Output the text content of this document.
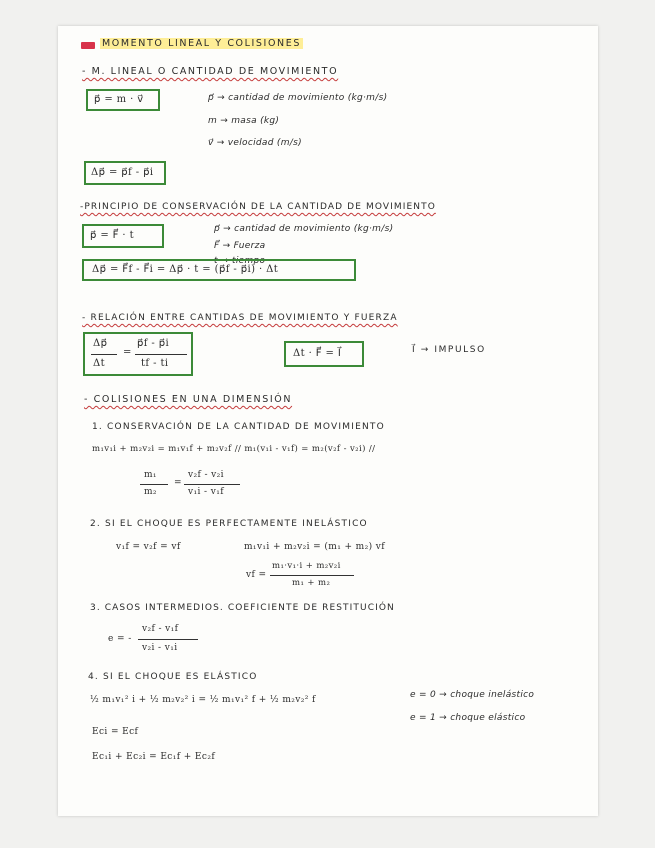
MOMENTO LINEAL Y COLISIONES
- M. LINEAL O CANTIDAD DE MOVIMIENTO
p⃗ = m · v⃗	p⃗ → cantidad de movimiento (kg·m/s)
m → masa (kg)
v⃗ → velocidad (m/s)
Δp⃗ = p⃗f - p⃗i
-PRINCIPIO DE CONSERVACIÓN DE LA CANTIDAD DE MOVIMIENTO
p⃗ = F⃗ · t
p⃗ → cantidad de movimiento (kg·m/s)
F⃗ → Fuerza
t → tiempo
Δp⃗ = F⃗f - F⃗i = Δp⃗ · t = (p⃗f - p⃗i) · Δt
- RELACIÓN ENTRE CANTIDAS DE MOVIMIENTO Y FUERZA
Δp⃗
Δt
=
p⃗f - p⃗i
tf - ti
Δt · F⃗ = I⃗	I⃗ → IMPULSO
- COLISIONES EN UNA DIMENSIÓN
1. CONSERVACIÓN DE LA CANTIDAD DE MOVIMIENTO
m₁v₁i + m₂v₂i = m₁v₁f + m₂v₂f // m₁(v₁i - v₁f) = m₂(v₂f - v₂i) //
m₁
m₂
=
v₂f - v₂i
v₁i - v₁f
2. SI EL CHOQUE ES PERFECTAMENTE INELÁSTICO
v₁f = v₂f = vf	m₁v₁i + m₂v₂i = (m₁ + m₂) vf
vf =
m₁·v₁·i + m₂v₂i
m₁ + m₂
3. CASOS INTERMEDIOS. COEFICIENTE DE RESTITUCIÓN
e = -
v₂f - v₁f
v₂i - v₁i
4. SI EL CHOQUE ES ELÁSTICO
½ m₁v₁² i + ½ m₂v₂² i = ½ m₁v₁² f + ½ m₂v₂² f	e = 0 → choque inelástico
e = 1 → choque elástico
Eci = Ecf
Ec₁i + Ec₂i = Ec₁f + Ec₂f
